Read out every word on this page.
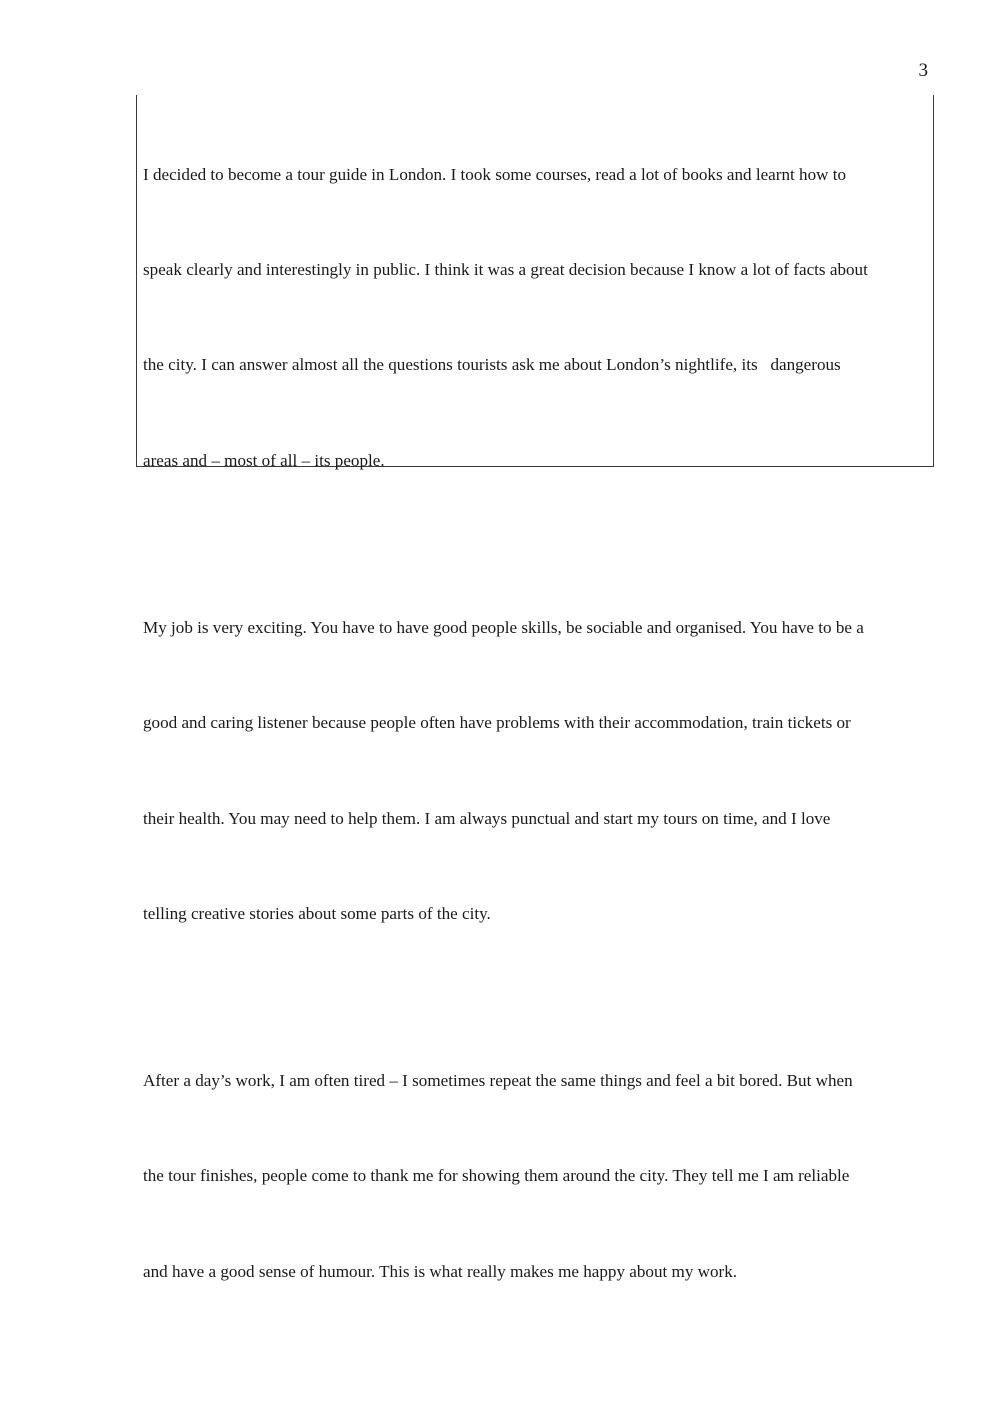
3

I decided to become a tour guide in London. I took some courses, read a lot of books and learnt how to

speak clearly and interestingly in public. I think it was a great decision because I know a lot of facts about

the city. I can answer almost all the questions tourists ask me about London’s nightlife, its   dangerous

areas and – most of all – its people.

My job is very exciting. You have to have good people skills, be sociable and organised. You have to be a

good and caring listener because people often have problems with their accommodation, train tickets or

their health. You may need to help them. I am always punctual and start my tours on time, and I love

telling creative stories about some parts of the city.

After a day’s work, I am often tired – I sometimes repeat the same things and feel a bit bored. But when

the tour finishes, people come to thank me for showing them around the city. They tell me I am reliable

and have a good sense of humour. This is what really makes me happy about my work.
